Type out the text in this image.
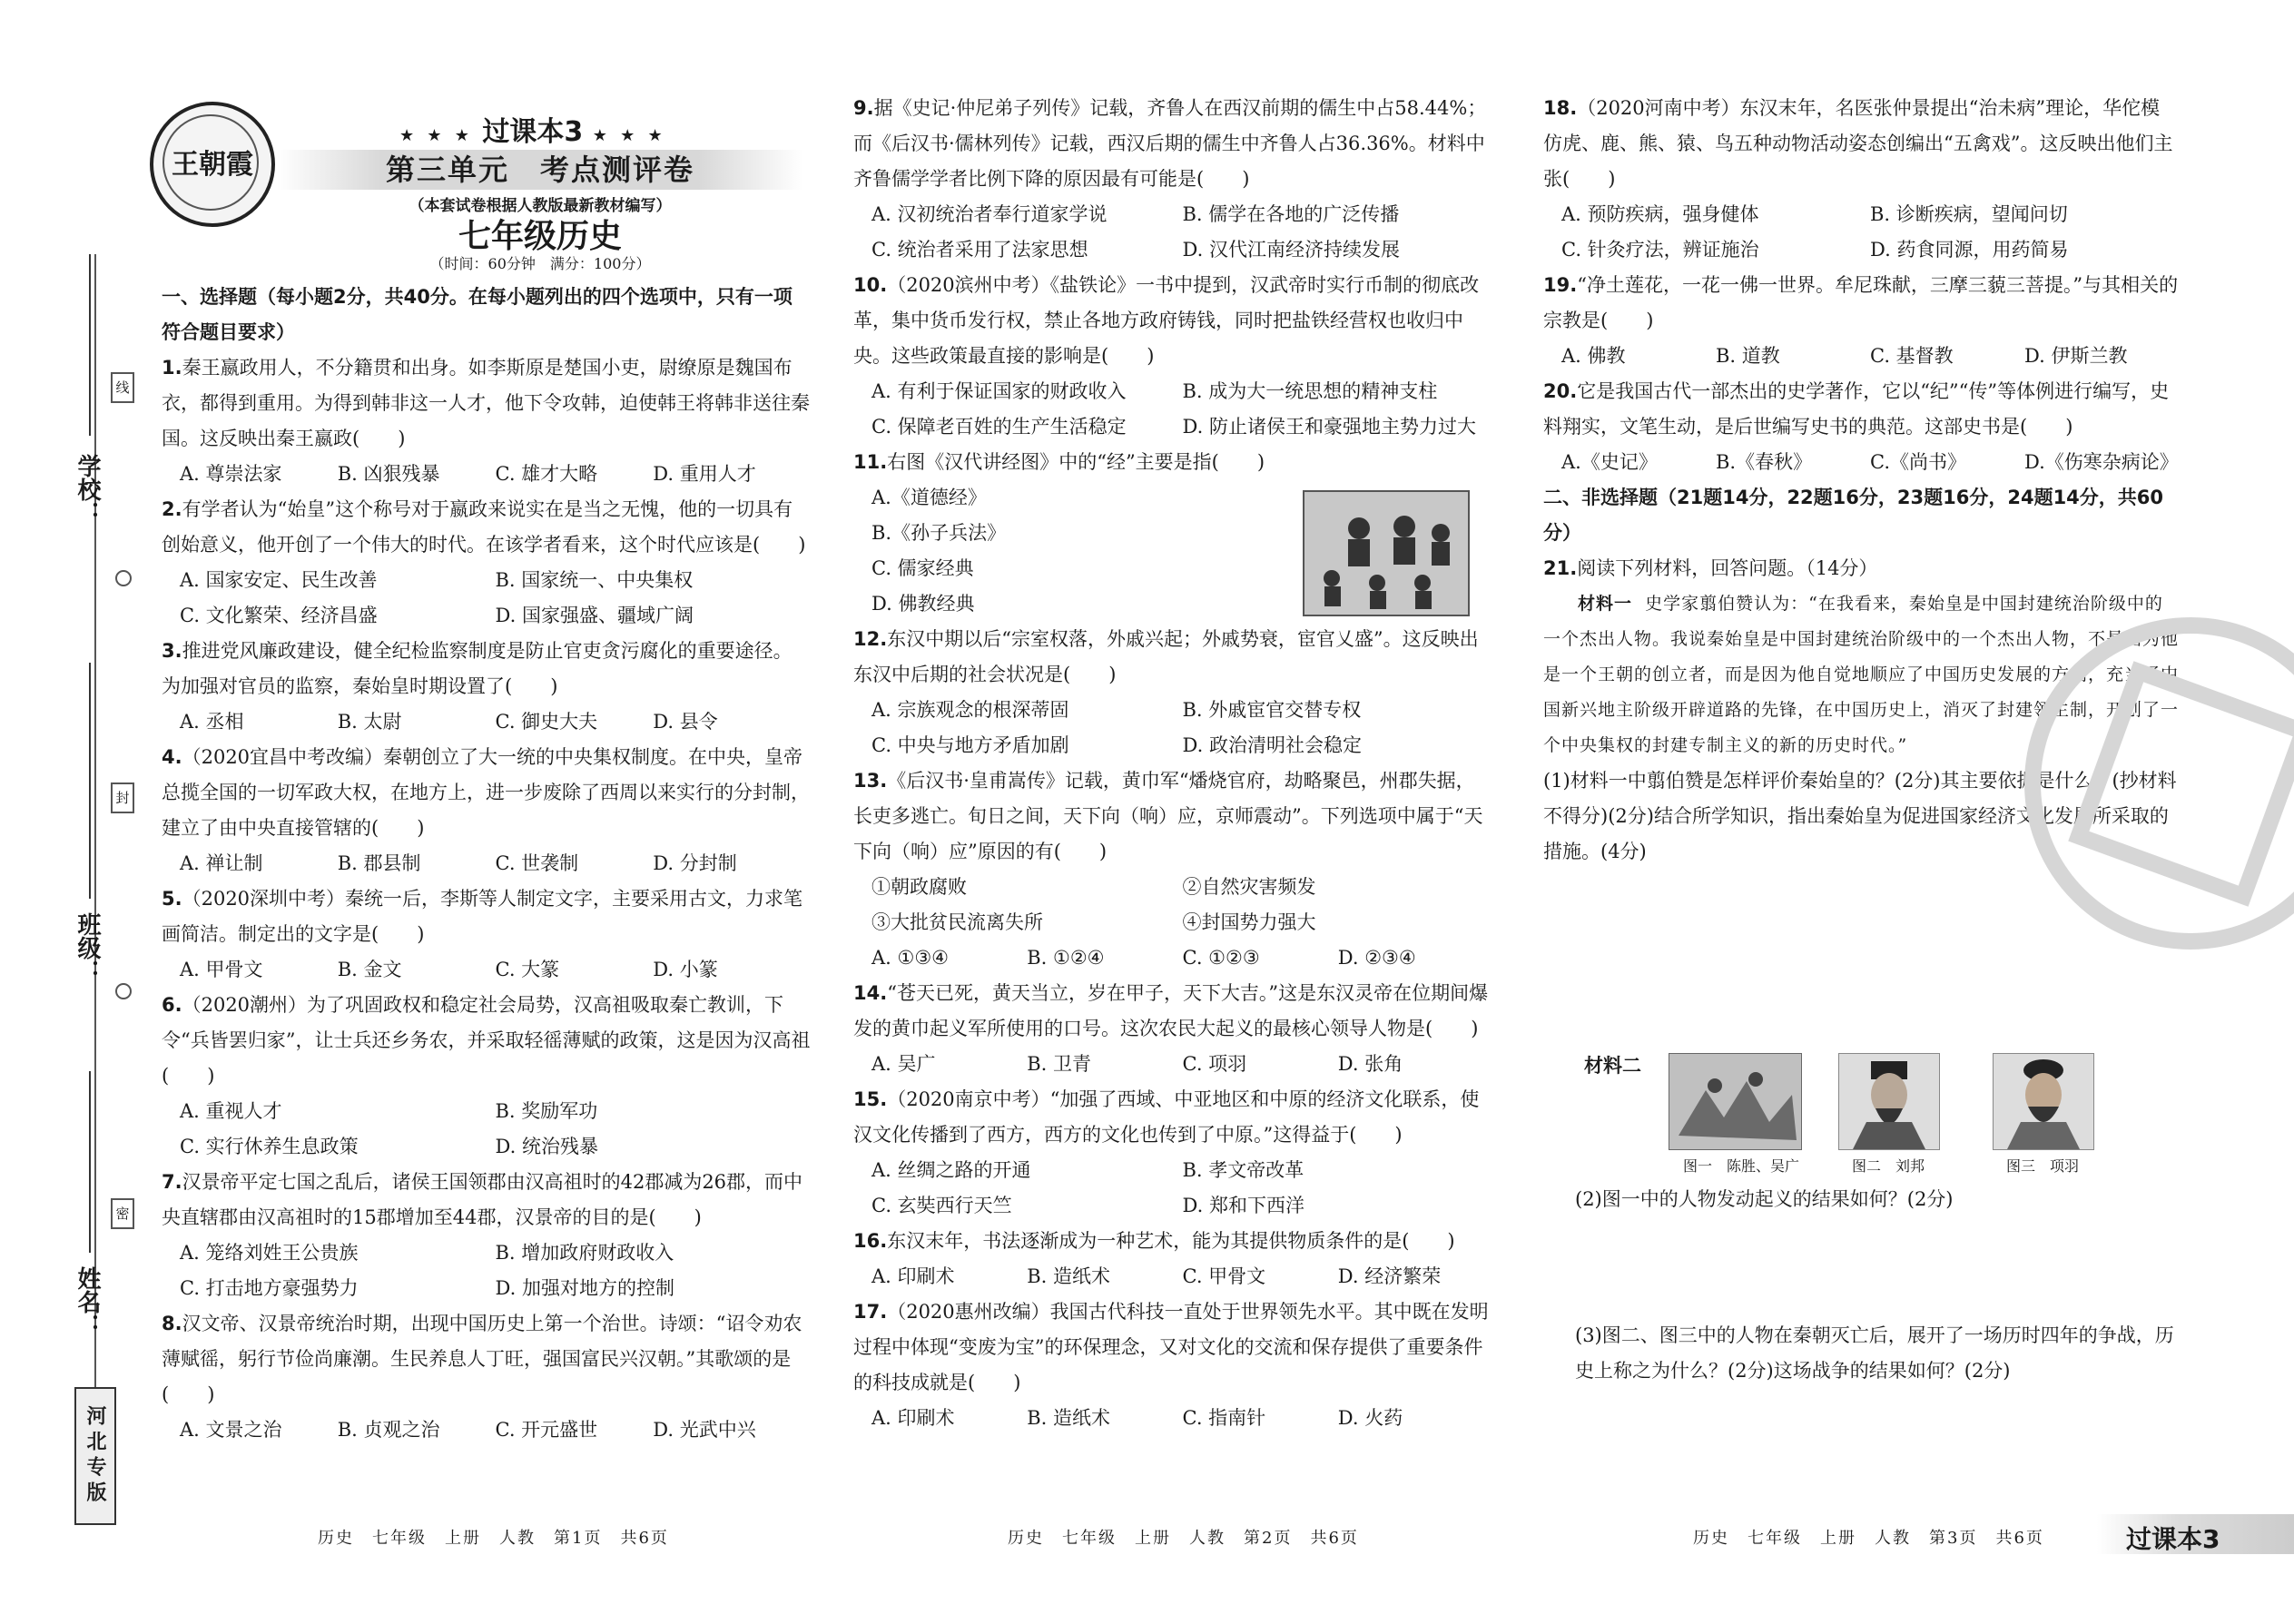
学校：
班级：
姓名：
线
封
密
河北专版
王朝霞
★ ★ ★ 过课本3 ★ ★ ★
第三单元　考点测评卷
（本套试卷根据人教版最新教材编写）
七年级历史
（时间：60分钟　满分：100分）
一、选择题（每小题2分，共40分。在每小题列出的四个选项中，只有一项符合题目要求）
1.秦王嬴政用人，不分籍贯和出身。如李斯原是楚国小吏，尉缭原是魏国布衣，都得到重用。为得到韩非这一人才，他下令攻韩，迫使韩王将韩非送往秦国。这反映出秦王嬴政(　　)
A. 尊崇法家	B. 凶狠残暴	C. 雄才大略	D. 重用人才
2.有学者认为“始皇”这个称号对于嬴政来说实在是当之无愧，他的一切具有创始意义，他开创了一个伟大的时代。在该学者看来，这个时代应该是(　　)
A. 国家安定、民生改善	B. 国家统一、中央集权
C. 文化繁荣、经济昌盛	D. 国家强盛、疆域广阔
3.推进党风廉政建设，健全纪检监察制度是防止官吏贪污腐化的重要途径。为加强对官员的监察，秦始皇时期设置了(　　)
A. 丞相	B. 太尉	C. 御史大夫	D. 县令
4.（2020宜昌中考改编）秦朝创立了大一统的中央集权制度。在中央，皇帝总揽全国的一切军政大权，在地方上，进一步废除了西周以来实行的分封制，建立了由中央直接管辖的(　　)
A. 禅让制	B. 郡县制	C. 世袭制	D. 分封制
5.（2020深圳中考）秦统一后，李斯等人制定文字，主要采用古文，力求笔画简洁。制定出的文字是(　　)
A. 甲骨文	B. 金文	C. 大篆	D. 小篆
6.（2020潮州）为了巩固政权和稳定社会局势，汉高祖吸取秦亡教训，下令“兵皆罢归家”，让士兵还乡务农，并采取轻徭薄赋的政策，这是因为汉高祖(　　)
A. 重视人才	B. 奖励军功
C. 实行休养生息政策	D. 统治残暴
7.汉景帝平定七国之乱后，诸侯王国领郡由汉高祖时的42郡减为26郡，而中央直辖郡由汉高祖时的15郡增加至44郡，汉景帝的目的是(　　)
A. 笼络刘姓王公贵族	B. 增加政府财政收入
C. 打击地方豪强势力	D. 加强对地方的控制
8.汉文帝、汉景帝统治时期，出现中国历史上第一个治世。诗颂：“诏令劝农薄赋徭，躬行节俭尚廉潮。生民养息人丁旺，强国富民兴汉朝。”其歌颂的是(　　)
A. 文景之治	B. 贞观之治	C. 开元盛世	D. 光武中兴
9.据《史记·仲尼弟子列传》记载，齐鲁人在西汉前期的儒生中占58.44%；而《后汉书·儒林列传》记载，西汉后期的儒生中齐鲁人占36.36%。材料中齐鲁儒学学者比例下降的原因最有可能是(　　)
A. 汉初统治者奉行道家学说	B. 儒学在各地的广泛传播
C. 统治者采用了法家思想	D. 汉代江南经济持续发展
10.（2020滨州中考）《盐铁论》一书中提到，汉武帝时实行币制的彻底改革，集中货币发行权，禁止各地方政府铸钱，同时把盐铁经营权也收归中央。这些政策最直接的影响是(　　)
A. 有利于保证国家的财政收入	B. 成为大一统思想的精神支柱
C. 保障老百姓的生产生活稳定	D. 防止诸侯王和豪强地主势力过大
11.右图《汉代讲经图》中的“经”主要是指(　　)
A.《道德经》
B.《孙子兵法》
C. 儒家经典
D. 佛教经典
12.东汉中期以后“宗室权落，外戚兴起；外戚势衰，宦官乂盛”。这反映出东汉中后期的社会状况是(　　)
A. 宗族观念的根深蒂固	B. 外戚宦官交替专权
C. 中央与地方矛盾加剧	D. 政治清明社会稳定
13.《后汉书·皇甫嵩传》记载，黄巾军“燔烧官府，劫略聚邑，州郡失据，长吏多逃亡。旬日之间，天下向（响）应，京师震动”。下列选项中属于“天下向（响）应”原因的有(　　)
①朝政腐败	②自然灾害频发
③大批贫民流离失所	④封国势力强大
A. ①③④	B. ①②④	C. ①②③	D. ②③④
14.“苍天已死，黄天当立，岁在甲子，天下大吉。”这是东汉灵帝在位期间爆发的黄巾起义军所使用的口号。这次农民大起义的最核心领导人物是(　　)
A. 吴广	B. 卫青	C. 项羽	D. 张角
15.（2020南京中考）“加强了西域、中亚地区和中原的经济文化联系，使汉文化传播到了西方，西方的文化也传到了中原。”这得益于(　　)
A. 丝绸之路的开通	B. 孝文帝改革
C. 玄奘西行天竺	D. 郑和下西洋
16.东汉末年，书法逐渐成为一种艺术，能为其提供物质条件的是(　　)
A. 印刷术	B. 造纸术	C. 甲骨文	D. 经济繁荣
17.（2020惠州改编）我国古代科技一直处于世界领先水平。其中既在发明过程中体现“变废为宝”的环保理念，又对文化的交流和保存提供了重要条件的科技成就是(　　)
A. 印刷术	B. 造纸术	C. 指南针	D. 火药
18.（2020河南中考）东汉末年，名医张仲景提出“治未病”理论，华佗模仿虎、鹿、熊、猿、鸟五种动物活动姿态创编出“五禽戏”。这反映出他们主张(　　)
A. 预防疾病，强身健体	B. 诊断疾病，望闻问切
C. 针灸疗法，辨证施治	D. 药食同源，用药简易
19.“净土莲花，一花一佛一世界。牟尼珠献，三摩三藐三菩提。”与其相关的宗教是(　　)
A. 佛教	B. 道教	C. 基督教	D. 伊斯兰教
20.它是我国古代一部杰出的史学著作，它以“纪”“传”等体例进行编写，史料翔实，文笔生动，是后世编写史书的典范。这部史书是(　　)
A.《史记》	B.《春秋》	C.《尚书》	D.《伤寒杂病论》
二、非选择题（21题14分，22题16分，23题16分，24题14分，共60分）
21.阅读下列材料，回答问题。（14分）
材料一 史学家翦伯赞认为：“在我看来，秦始皇是中国封建统治阶级中的一个杰出人物。我说秦始皇是中国封建统治阶级中的一个杰出人物，不是因为他是一个王朝的创立者，而是因为他自觉地顺应了中国历史发展的方向，充当了中国新兴地主阶级开辟道路的先锋，在中国历史上，消灭了封建领主制，开创了一个中央集权的封建专制主义的新的历史时代。”
(1)材料一中翦伯赞是怎样评价秦始皇的？(2分)其主要依据是什么？(抄材料不得分)(2分)结合所学知识，指出秦始皇为促进国家经济文化发展所采取的措施。(4分)
材料二
图一　陈胜、吴广	图二　刘邦	图三　项羽
(2)图一中的人物发动起义的结果如何？(2分)
(3)图二、图三中的人物在秦朝灭亡后，展开了一场历时四年的争战，历史上称之为什么？(2分)这场战争的结果如何？(2分)
历史　七年级　上册　人教　第1页　共6页	历史　七年级　上册　人教　第2页　共6页	历史　七年级　上册　人教　第3页　共6页	过课本3
